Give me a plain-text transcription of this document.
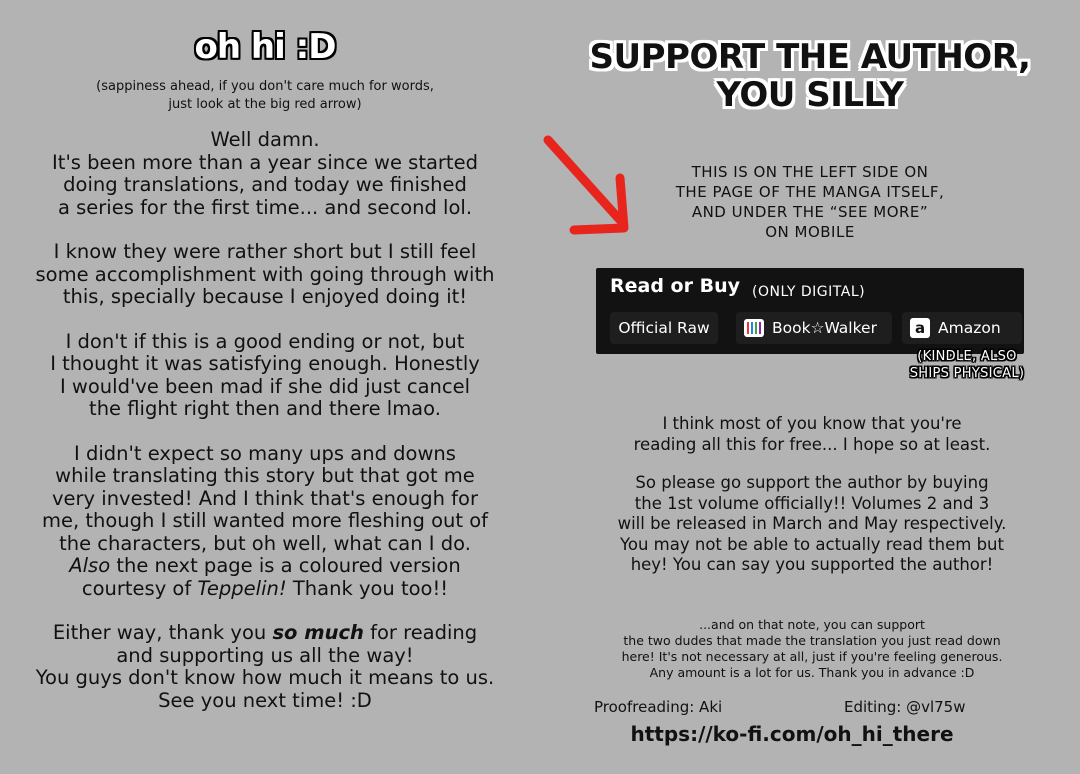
oh hi :D
(sappiness ahead, if you don't care much for words,
just look at the big red arrow)
Well damn.
It's been more than a year since we started
doing translations, and today we finished
a series for the first time... and second lol.
I know they were rather short but I still feel
some accomplishment with going through with
this, specially because I enjoyed doing it!
I don't if this is a good ending or not, but
I thought it was satisfying enough. Honestly
I would've been mad if she did just cancel
the flight right then and there lmao.
I didn't expect so many ups and downs
while translating this story but that got me
very invested! And I think that's enough for
me, though I still wanted more fleshing out of
the characters, but oh well, what can I do.
Also the next page is a coloured version
courtesy of Teppelin! Thank you too!!
Either way, thank you so much for reading
and supporting us all the way!
You guys don't know how much it means to us.
See you next time! :D
SUPPORT THE AUTHOR,
YOU SILLY
THIS IS ON THE LEFT SIDE ON
THE PAGE OF THE MANGA ITSELF,
AND UNDER THE “SEE MORE”
ON MOBILE
Read or Buy (ONLY DIGITAL)
Official Raw	Book☆Walker	a Amazon
(KINDLE, ALSO
SHIPS PHYSICAL)
I think most of you know that you're
reading all this for free... I hope so at least.
So please go support the author by buying
the 1st volume officially!! Volumes 2 and 3
will be released in March and May respectively.
You may not be able to actually read them but
hey! You can say you supported the author!
...and on that note, you can support
the two dudes that made the translation you just read down
here! It's not necessary at all, just if you're feeling generous.
Any amount is a lot for us. Thank you in advance :D
Proofreading: Aki	Editing: @vl75w
https://ko-fi.com/oh_hi_there
